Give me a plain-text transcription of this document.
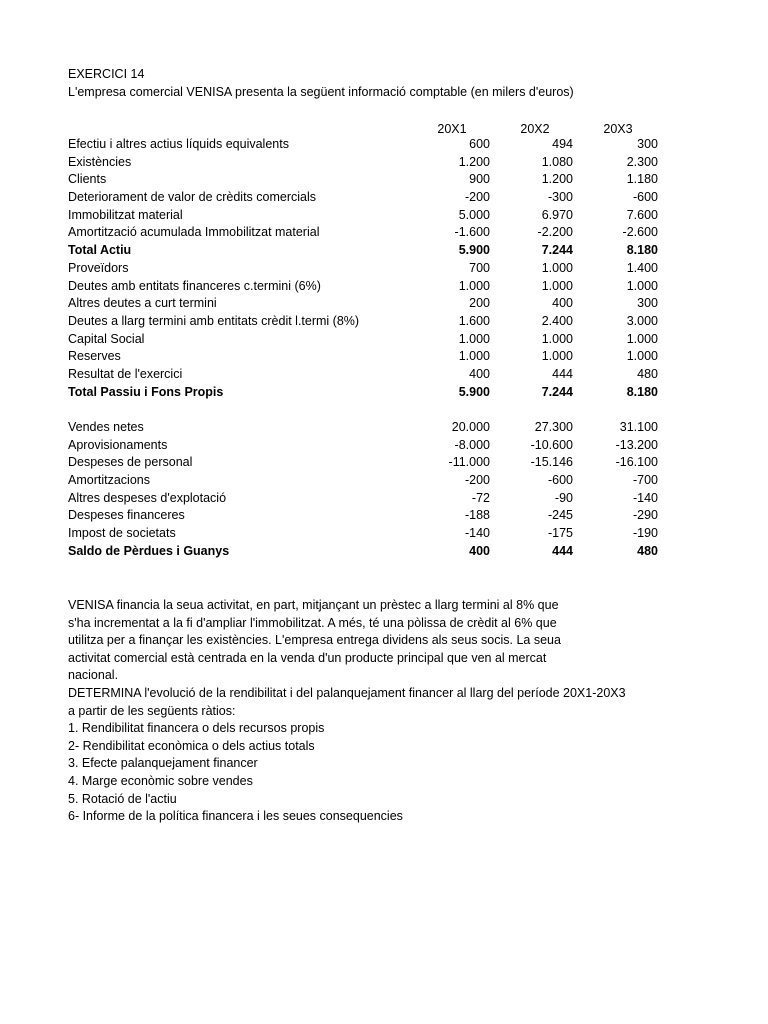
EXERCICI 14
L'empresa comercial VENISA presenta la següent informació comptable (en milers d'euros)
20X1	20X2	20X3
Efectiu i altres actius líquids equivalents	600	494	300
Existències	1.200	1.080	2.300
Clients	900	1.200	1.180
Deteriorament de valor de crèdits comercials	-200	-300	-600
Immobilitzat material	5.000	6.970	7.600
Amortització acumulada Immobilitzat material	-1.600	-2.200	-2.600
Total Actiu	5.900	7.244	8.180
Proveïdors	700	1.000	1.400
Deutes amb entitats financeres c.termini (6%)	1.000	1.000	1.000
Altres deutes a curt termini	200	400	300
Deutes a llarg termini amb entitats crèdit l.termi (8%)	1.600	2.400	3.000
Capital Social	1.000	1.000	1.000
Reserves	1.000	1.000	1.000
Resultat de l'exercici	400	444	480
Total Passiu i Fons Propis	5.900	7.244	8.180
Vendes netes	20.000	27.300	31.100
Aprovisionaments	-8.000	-10.600	-13.200
Despeses de personal	-11.000	-15.146	-16.100
Amortitzacions	-200	-600	-700
Altres despeses d'explotació	-72	-90	-140
Despeses financeres	-188	-245	-290
Impost de societats	-140	-175	-190
Saldo de Pèrdues i Guanys	400	444	480
VENISA financia la seua activitat, en part, mitjançant un prèstec a llarg termini al 8% que
s'ha incrementat a la fi d'ampliar l'immobilitzat. A més, té una pòlissa de crèdit al 6% que
utilitza per a finançar les existències. L'empresa entrega dividens als seus socis. La seua
activitat comercial està centrada en la venda d'un producte principal que ven al mercat
nacional.
DETERMINA l'evolució de la rendibilitat i del palanquejament financer al llarg del període 20X1-20X3
a partir de les següents ràtios:
1. Rendibilitat financera o dels recursos propis
2- Rendibilitat econòmica o dels actius totals
3. Efecte palanquejament financer
4. Marge econòmic sobre vendes
5. Rotació de l'actiu
6- Informe de la política financera i les seues consequencies
